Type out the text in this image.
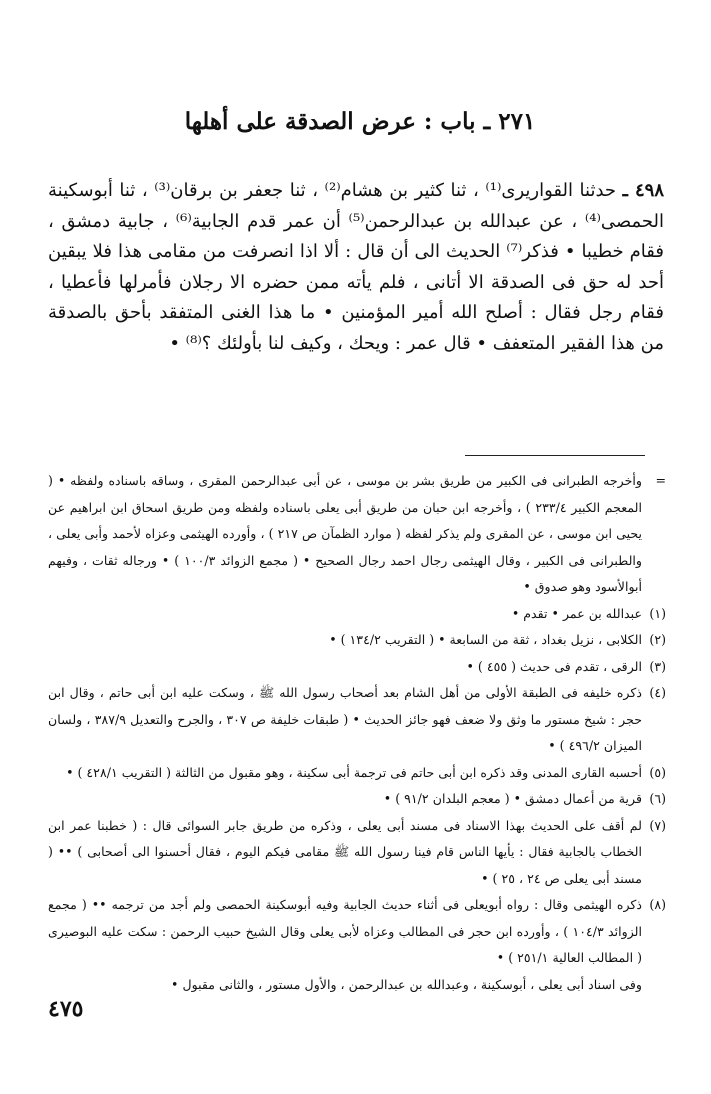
٢٧١ ـ باب : عرض الصدقة على أهلها

٤٩٨ ـ حدثنا القواريرى⁽¹⁾ ، ثنا كثير بن هشام⁽²⁾ ، ثنا جعفر بن برقان⁽³⁾ ، ثنا أبوسكينة الحمصى⁽⁴⁾ ، عن عبدالله بن عبدالرحمن⁽⁵⁾ أن عمر قدم الجابية⁽⁶⁾ ، جابية دمشق ، فقام خطيبا • فذكر⁽⁷⁾ الحديث الى أن قال : ألا اذا انصرفت من مقامى هذا فلا يبقين أحد له حق فى الصدقة الا أتانى ، فلم يأته ممن حضره الا رجلان فأمرلها فأعطيا ، فقام رجل فقال : أصلح الله أمير المؤمنين • ما هذا الغنى المتفقد بأحق بالصدقة من هذا الفقير المتعفف • قال عمر : ويحك ، وكيف لنا بأولئك ؟⁽⁸⁾ •

=
وأخرجه الطبرانى فى الكبير من طريق بشر بن موسى ، عن أبى عبدالرحمن المقرى ، وساقه باسناده ولفظه • ( المعجم الكبير ٢٣٣/٤ ) ، وأخرجه ابن حبان من طريق أبى يعلى باسناده ولفظه ومن طريق اسحاق ابن ابراهيم عن يحيى ابن موسى ، عن المقرى ولم يذكر لفظه ( موارد الظمآن ص ٢١٧ ) ، وأورده الهيثمى وعزاه لأحمد وأبى يعلى ، والطبرانى فى الكبير ، وقال الهيثمى رجال احمد رجال الصحيح • ( مجمع الزوائد ١٠٠/٣ ) • ورجاله ثقات ، وفيهم أبوالأسود وهو صدوق •
(١)
عبدالله بن عمر • تقدم •
(٢)
الكلابى ، نزيل بغداد ، ثقة من السابعة • ( التقريب ١٣٤/٢ ) •
(٣)
الرقى ، تقدم فى حديث ( ٤٥٥ ) •
(٤)
ذكره خليفه فى الطبقة الأولى من أهل الشام بعد أصحاب رسول الله ﷺ ، وسكت عليه ابن أبى حاتم ، وقال ابن حجر : شيخ مستور ما وثق ولا ضعف فهو جائز الحديث • ( طبقات خليفة ص ٣٠٧ ، والجرح والتعديل ٣٨٧/٩ ، ولسان الميزان ٤٩٦/٢ ) •
(٥)
أحسبه القارى المدنى وقد ذكره ابن أبى حاتم فى ترجمة أبى سكينة ، وهو مقبول من الثالثة ( التقريب ٤٢٨/١ ) •
(٦)
قرية من أعمال دمشق • ( معجم البلدان ٩١/٢ ) •
(٧)
لم أقف على الحديث بهذا الاسناد فى مسند أبى يعلى ، وذكره من طريق جابر السوائى قال : ( خطبنا عمر ابن الخطاب بالجابية فقال : يأيها الناس قام فينا رسول الله ﷺ مقامى فيكم اليوم ، فقال أحسنوا الى أصحابى ) •• ( مسند أبى يعلى ص ٢٤ ، ٢٥ ) •
(٨)
ذكره الهيثمى وقال : رواه أبويعلى فى أثناء حديث الجابية وفيه أبوسكينة الحمصى ولم أجد من ترجمه •• ( مجمع الزوائد ١٠٤/٣ ) ، وأورده ابن حجر فى المطالب وعزاه لأبى يعلى وقال الشيخ حبيب الرحمن : سكت عليه البوصيرى ( المطالب العالية ٢٥١/١ ) •
وفى اسناد أبى يعلى ، أبوسكينة ، وعبدالله بن عبدالرحمن ، والأول مستور ، والثانى مقبول •
٤٧٥
